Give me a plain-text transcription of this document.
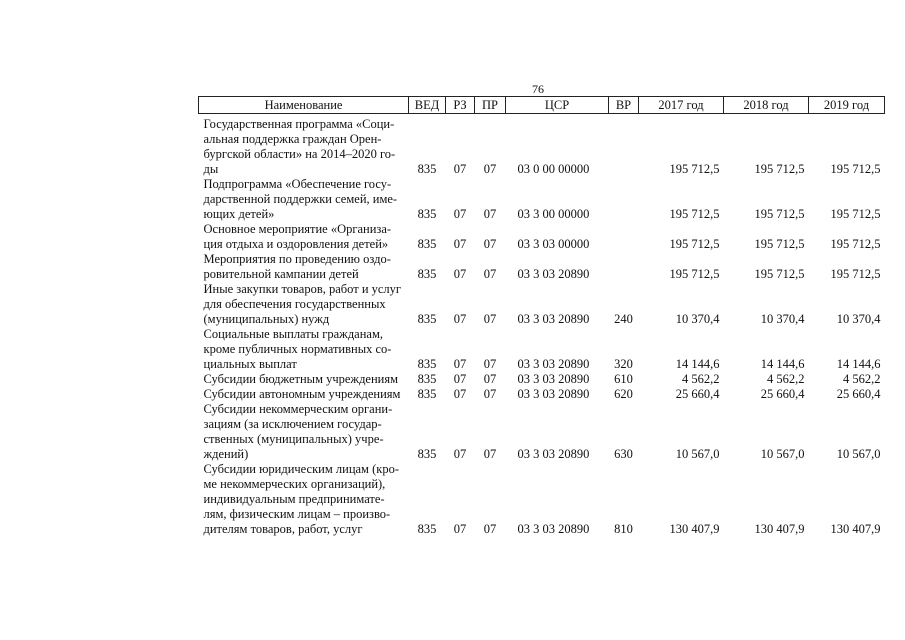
76
Наименование	ВЕД	РЗ	ПР	ЦСР	ВР	2017 год	2018 год	2019 год

Государственная программа «Соци-
альная поддержка граждан Орен-
бургской области» на 2014–2020 го-
ды	835	07	07	03 0 00 00000		195 712,5	195 712,5	195 712,5

Подпрограмма «Обеспечение госу-
дарственной поддержки семей, име-
ющих детей»	835	07	07	03 3 00 00000		195 712,5	195 712,5	195 712,5

Основное мероприятие «Организа-
ция отдыха и оздоровления детей»	835	07	07	03 3 03 00000		195 712,5	195 712,5	195 712,5

Мероприятия по проведению оздо-
ровительной кампании детей	835	07	07	03 3 03 20890		195 712,5	195 712,5	195 712,5

Иные закупки товаров, работ и услуг
для обеспечения государственных
(муниципальных) нужд	835	07	07	03 3 03 20890	240	10 370,4	10 370,4	10 370,4

Социальные выплаты гражданам,
кроме публичных нормативных со-
циальных выплат	835	07	07	03 3 03 20890	320	14 144,6	14 144,6	14 144,6

Субсидии бюджетным учреждениям	835	07	07	03 3 03 20890	610	4 562,2	4 562,2	4 562,2

Субсидии автономным учреждениям	835	07	07	03 3 03 20890	620	25 660,4	25 660,4	25 660,4

Субсидии некоммерческим органи-
зациям (за исключением государ-
ственных (муниципальных) учре-
ждений)	835	07	07	03 3 03 20890	630	10 567,0	10 567,0	10 567,0

Субсидии юридическим лицам (кро-
ме некоммерческих организаций),
индивидуальным предпринимате-
лям, физическим лицам – произво-
дителям товаров, работ, услуг	835	07	07	03 3 03 20890	810	130 407,9	130 407,9	130 407,9
